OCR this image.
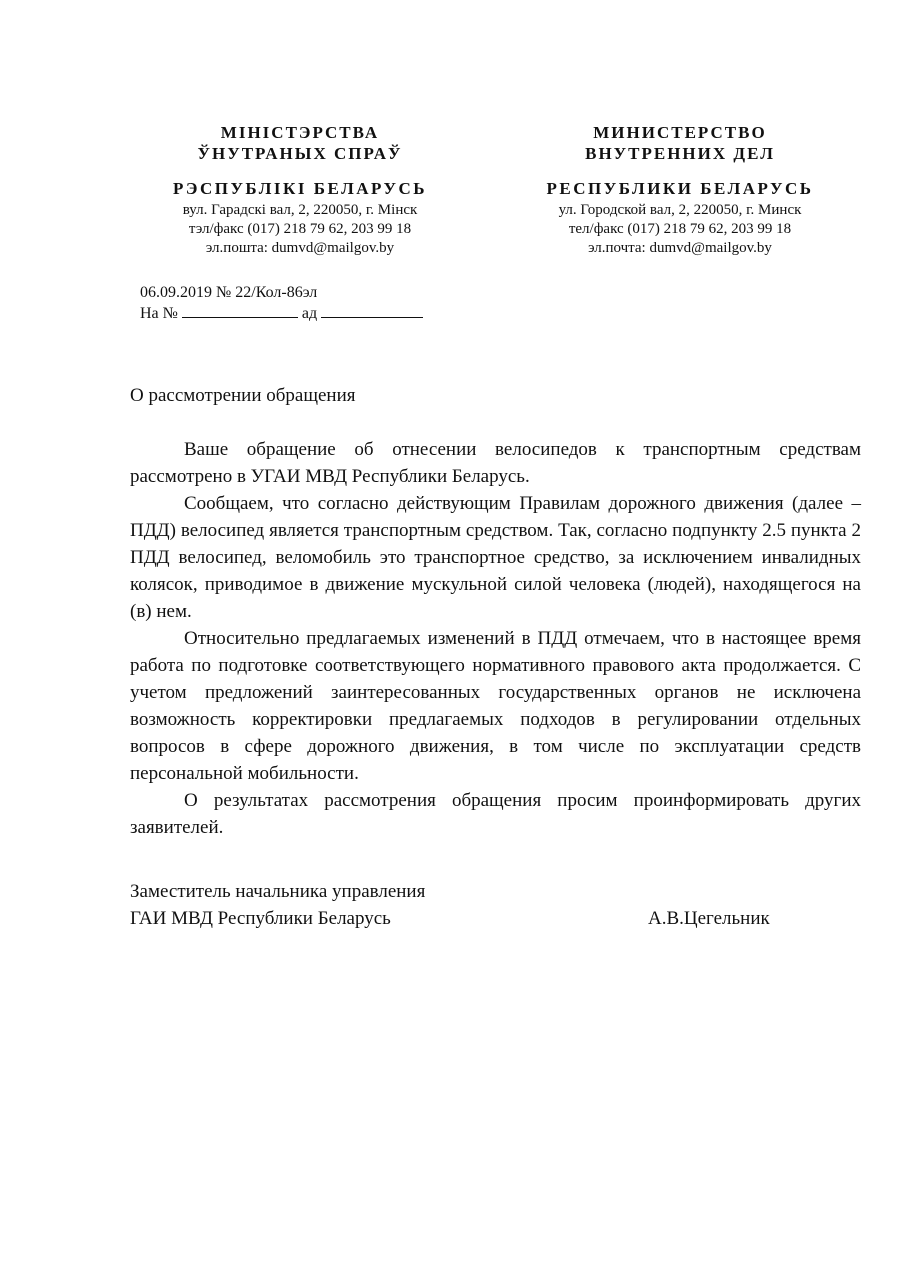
МІНІСТЭРСТВА
ЎНУТРАНЫХ СПРАЎ
РЭСПУБЛІКІ БЕЛАРУСЬ
вул. Гарадскі вал, 2, 220050, г. Мінск
тэл/факс (017) 218 79 62, 203 99 18
эл.пошта: dumvd@mailgov.by
МИНИСТЕРСТВО
ВНУТРЕННИХ ДЕЛ
РЕСПУБЛИКИ БЕЛАРУСЬ
ул. Городской вал, 2, 220050, г. Минск
тел/факс (017) 218 79 62, 203 99 18
эл.почта: dumvd@mailgov.by
06.09.2019 № 22/Кол-86эл
На №	ад
О рассмотрении обращения

Ваше обращение об отнесении велосипедов к транспортным средствам рассмотрено в УГАИ МВД Республики Беларусь.

Сообщаем, что согласно действующим Правилам дорожного движения (далее – ПДД) велосипед является транспортным средством. Так, согласно подпункту 2.5 пункта 2 ПДД велосипед, веломобиль это транспортное средство, за исключением инвалидных колясок, приводимое в движение мускульной силой человека (людей), находящегося на (в) нем.

Относительно предлагаемых изменений в ПДД отмечаем, что в настоящее время работа по подготовке соответствующего нормативного правового акта продолжается. С учетом предложений заинтересованных государственных органов не исключена возможность корректировки предлагаемых подходов в регулировании отдельных вопросов в сфере дорожного движения, в том числе по эксплуатации средств персональной мобильности.

О результатах рассмотрения обращения просим проинформировать других заявителей.

Заместитель начальника управления
ГАИ МВД Республики Беларусь	А.В.Цегельник
